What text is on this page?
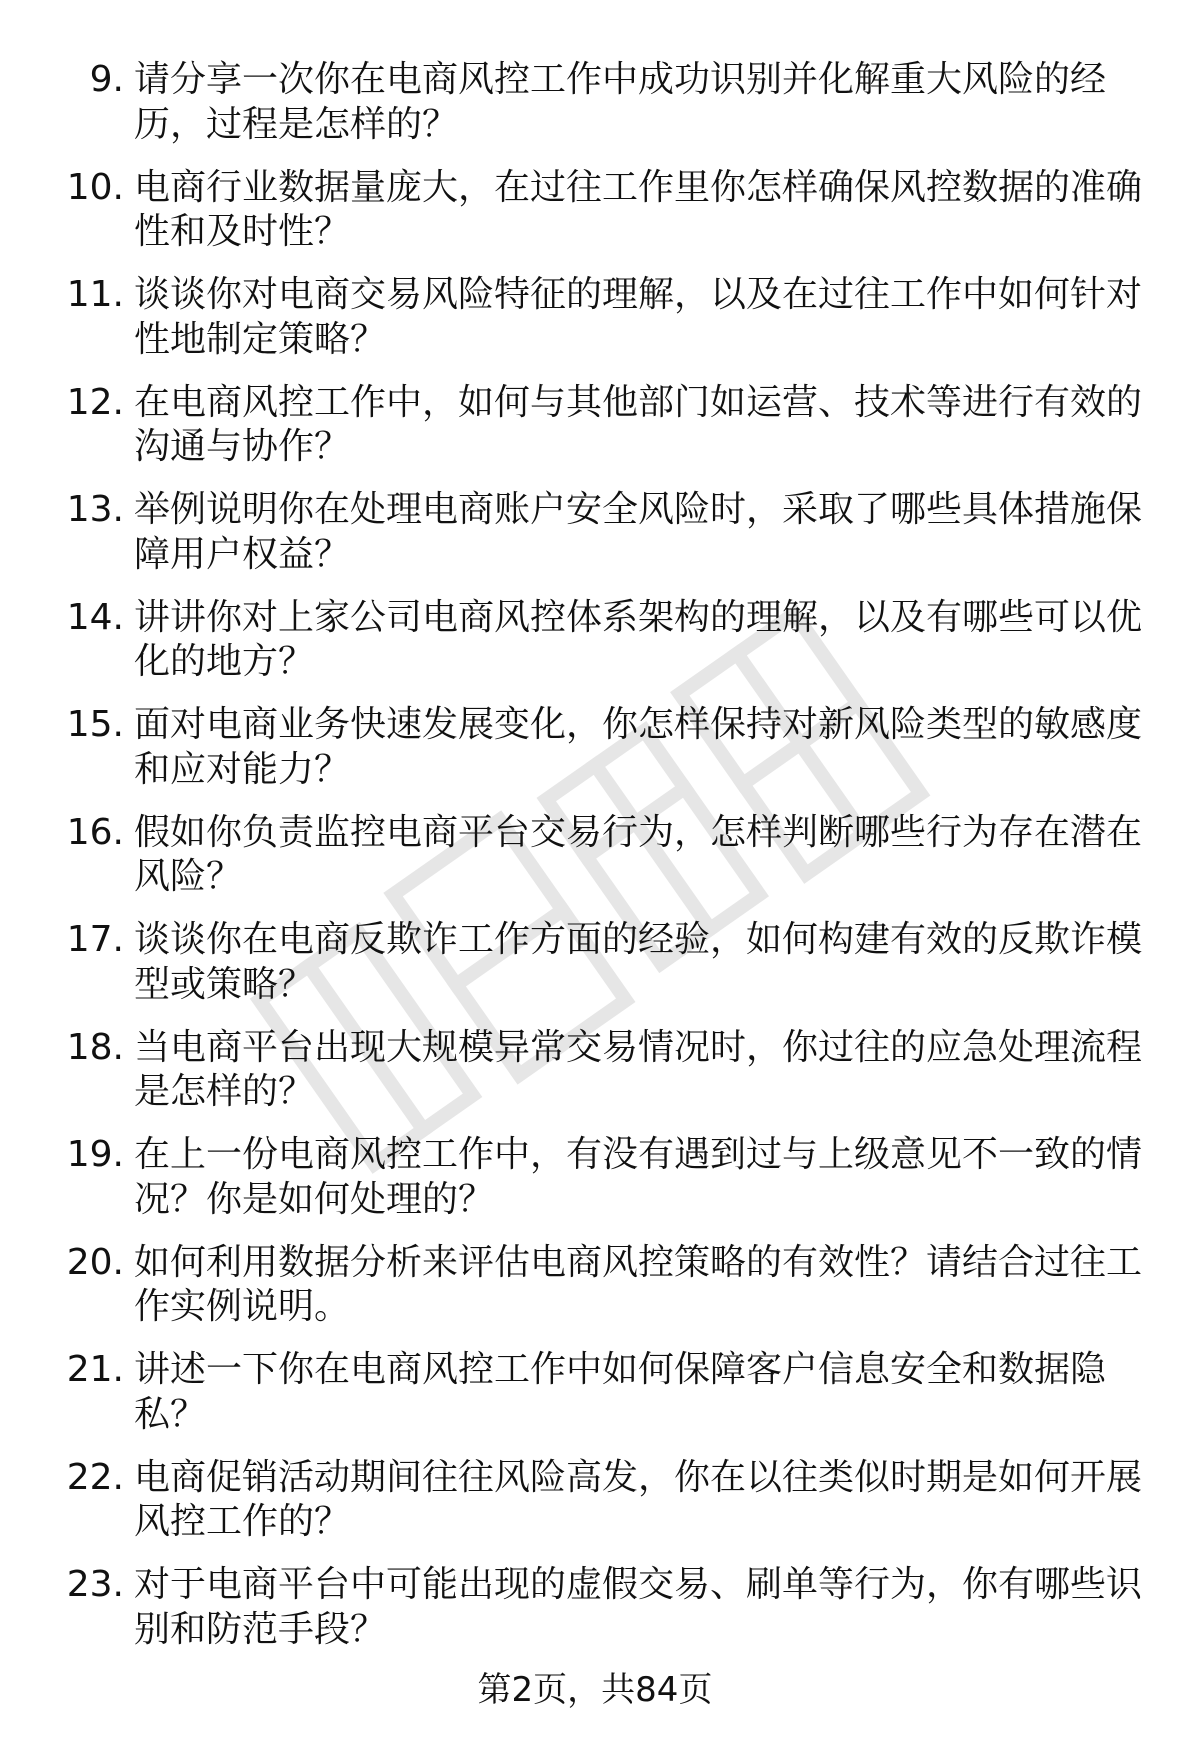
9. 请分享一次你在电商风控工作中成功识别并化解重大风险的经历，过程是怎样的？
10. 电商行业数据量庞大，在过往工作里你怎样确保风控数据的准确性和及时性？
11. 谈谈你对电商交易风险特征的理解，以及在过往工作中如何针对性地制定策略？
12. 在电商风控工作中，如何与其他部门如运营、技术等进行有效的沟通与协作？
13. 举例说明你在处理电商账户安全风险时，采取了哪些具体措施保障用户权益？
14. 讲讲你对上家公司电商风控体系架构的理解，以及有哪些可以优化的地方？
15. 面对电商业务快速发展变化，你怎样保持对新风险类型的敏感度和应对能力？
16. 假如你负责监控电商平台交易行为，怎样判断哪些行为存在潜在风险？
17. 谈谈你在电商反欺诈工作方面的经验，如何构建有效的反欺诈模型或策略？
18. 当电商平台出现大规模异常交易情况时，你过往的应急处理流程是怎样的？
19. 在上一份电商风控工作中，有没有遇到过与上级意见不一致的情况？你是如何处理的？
20. 如何利用数据分析来评估电商风控策略的有效性？请结合过往工作实例说明。
21. 讲述一下你在电商风控工作中如何保障客户信息安全和数据隐私？
22. 电商促销活动期间往往风险高发，你在以往类似时期是如何开展风控工作的？
23. 对于电商平台中可能出现的虚假交易、刷单等行为，你有哪些识别和防范手段？
第2页，共84页
